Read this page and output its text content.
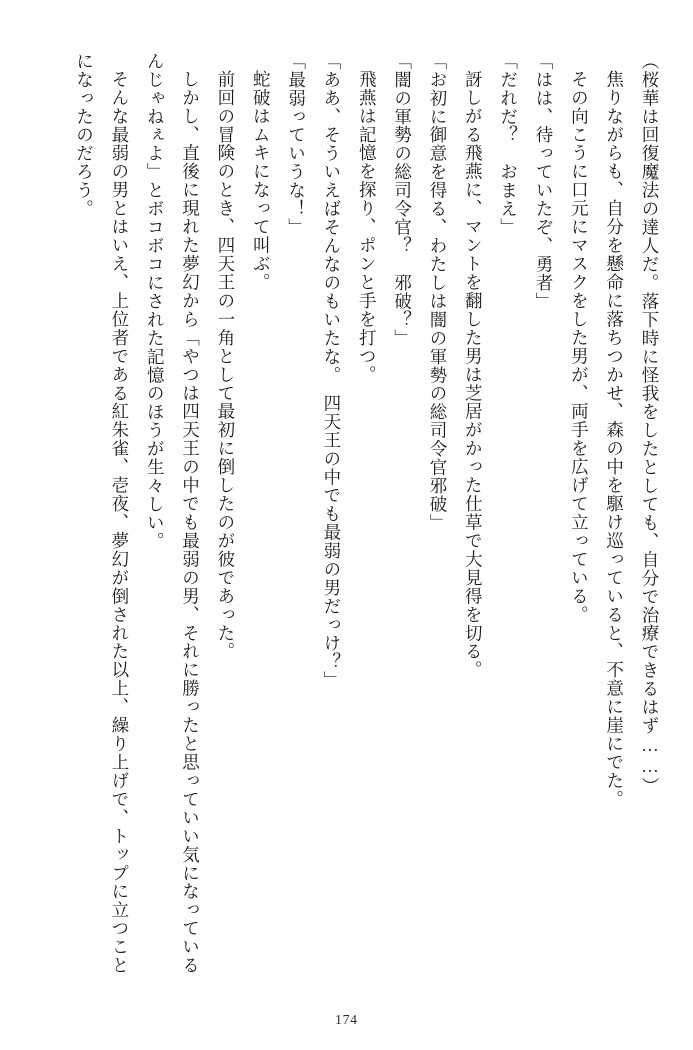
（桜華は回復魔法の達人だ。落下時に怪我をしたとしても、自分で治療できるはず……）

焦りながらも、自分を懸命に落ちつかせ、森の中を駆け巡っていると、不意に崖にでた。

その向こうに口元にマスクをした男が、両手を広げて立っている。

「はは、待っていたぞ、勇者」

「だれだ？　おまえ」

訝しがる飛燕に、マントを翻した男は芝居がかった仕草で大見得を切る。

「お初に御意を得る、わたしは闇の軍勢の総司令官邪破」

「闇の軍勢の総司令官？　邪破？」

飛燕は記憶を探り、ポンと手を打つ。

「ああ、そういえばそんなのもいたな。　四天王の中でも最弱の男だっけ？」

「最弱っていうな！」

蛇破はムキになって叫ぶ。

前回の冒険のとき、四天王の一角として最初に倒したのが彼であった。

しかし、直後に現れた夢幻から「やつは四天王の中でも最弱の男、それに勝ったと思っていい気になっているんじゃねぇよ」とボコボコにされた記憶のほうが生々しい。

そんな最弱の男とはいえ、上位者である紅朱雀、壱夜、夢幻が倒された以上、繰り上げで、トップに立つことになったのだろう。

174
